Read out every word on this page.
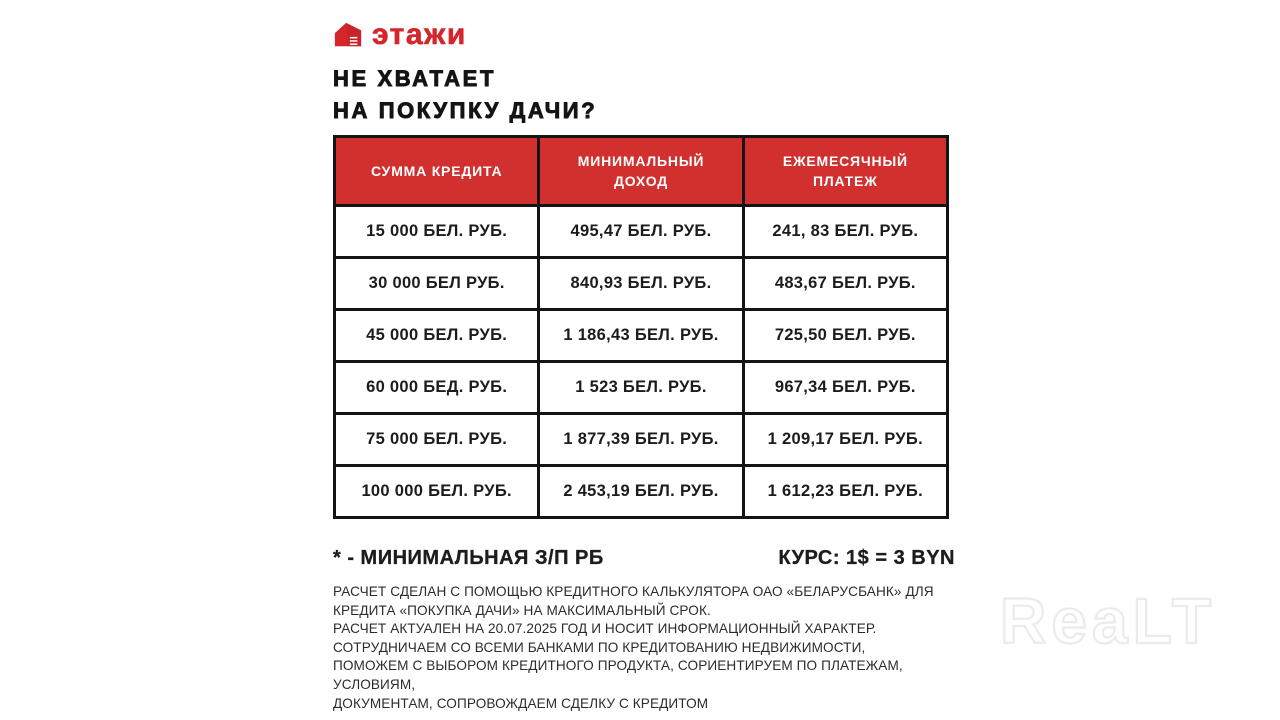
этажи
НЕ ХВАТАЕТ
НА ПОКУПКУ ДАЧИ?
СУММА КРЕДИТА	МИНИМАЛЬНЫЙ ДОХОД	ЕЖЕМЕСЯЧНЫЙ ПЛАТЕЖ
15 000 БЕЛ. РУБ.	495,47 БЕЛ. РУБ.	241, 83 БЕЛ. РУБ.
30 000 БЕЛ РУБ.	840,93 БЕЛ. РУБ.	483,67 БЕЛ. РУБ.
45 000 БЕЛ. РУБ.	1 186,43 БЕЛ. РУБ.	725,50 БЕЛ. РУБ.
60 000 БЕД. РУБ.	1 523 БЕЛ. РУБ.	967,34 БЕЛ. РУБ.
75 000 БЕЛ. РУБ.	1 877,39 БЕЛ. РУБ.	1 209,17 БЕЛ. РУБ.
100 000 БЕЛ. РУБ.	2 453,19 БЕЛ. РУБ.	1 612,23 БЕЛ. РУБ.
* - МИНИМАЛЬНАЯ З/П РБ	КУРС: 1$ = 3 BYN
РАСЧЕТ СДЕЛАН С ПОМОЩЬЮ КРЕДИТНОГО КАЛЬКУЛЯТОРА ОАО «БЕЛАРУСБАНК» ДЛЯ
КРЕДИТА «ПОКУПКА ДАЧИ» НА МАКСИМАЛЬНЫЙ СРОК.
РАСЧЕТ АКТУАЛЕН НА 20.07.2025 ГОД И НОСИТ ИНФОРМАЦИОННЫЙ ХАРАКТЕР.
СОТРУДНИЧАЕМ СО ВСЕМИ БАНКАМИ ПО КРЕДИТОВАНИЮ НЕДВИЖИМОСТИ,
ПОМОЖЕМ С ВЫБОРОМ КРЕДИТНОГО ПРОДУКТА, СОРИЕНТИРУЕМ ПО ПЛАТЕЖАМ,
УСЛОВИЯМ,
ДОКУМЕНТАМ, СОПРОВОЖДАЕМ СДЕЛКУ С КРЕДИТОМ
ReaLT
